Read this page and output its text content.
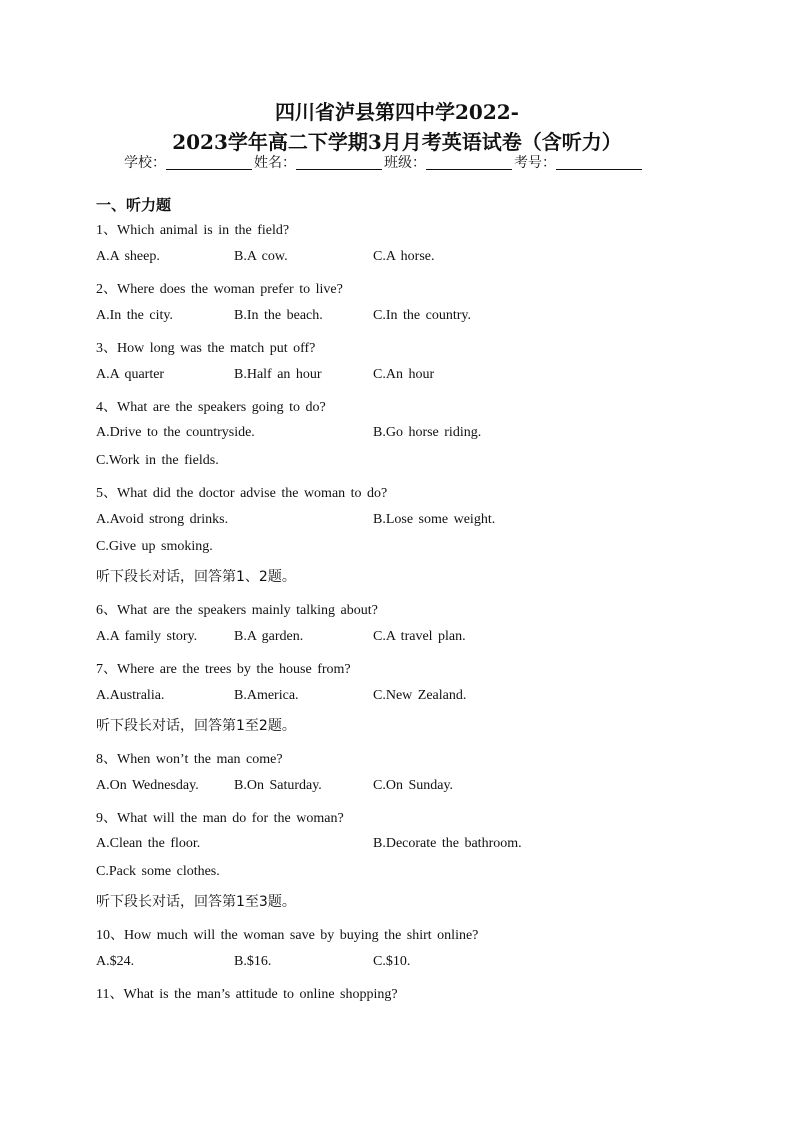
四川省泸县第四中学2022-
2023学年高二下学期3月月考英语试卷（含听力）
学校：	姓名：	班级：	考号：
一、听力题
1、Which animal is in the field?
A.A sheep.	B.A cow.	C.A horse.
2、Where does the woman prefer to live?
A.In the city.	B.In the beach.	C.In the country.
3、How long was the match put off?
A.A quarter	B.Half an hour	C.An hour
4、What are the speakers going to do?
A.Drive to the countryside.	B.Go horse riding.
C.Work in the fields.
5、What did the doctor advise the woman to do?
A.Avoid strong drinks.	B.Lose some weight.
C.Give up smoking.
听下段长对话，回答第1、2题。
6、What are the speakers mainly talking about?
A.A family story.	B.A garden.	C.A travel plan.
7、Where are the trees by the house from?
A.Australia.	B.America.	C.New Zealand.
听下段长对话，回答第1至2题。
8、When won’t the man come?
A.On Wednesday.	B.On Saturday.	C.On Sunday.
9、What will the man do for the woman?
A.Clean the floor.	B.Decorate the bathroom.
C.Pack some clothes.
听下段长对话，回答第1至3题。
10、How much will the woman save by buying the shirt online?
A.$24.	B.$16.	C.$10.
11、What is the man’s attitude to online shopping?
